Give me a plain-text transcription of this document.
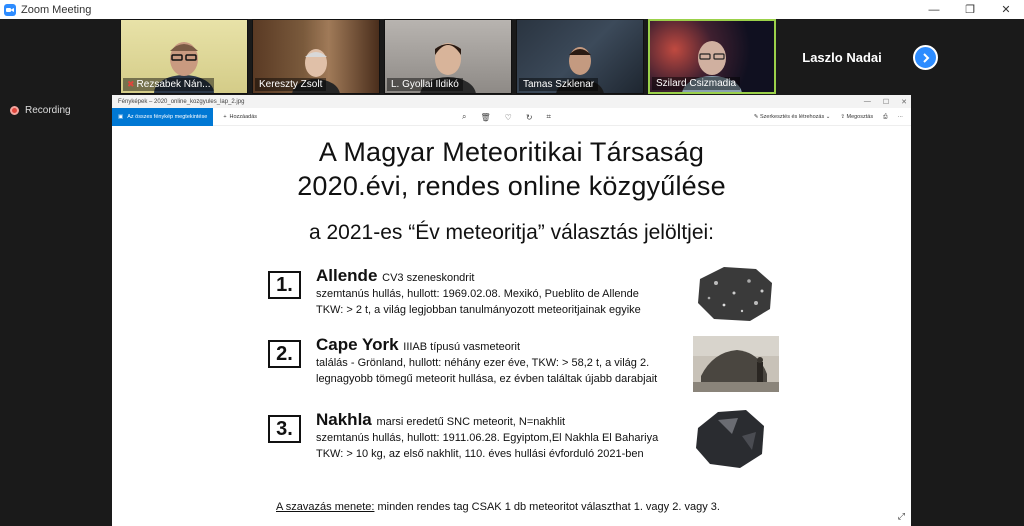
Zoom Meeting	—	❐	✕
✖ Rezsabek Nán...	Kereszty Zsolt	L. Gyollai Ildikó	Tamas Szklenar	Szilard Csizmadia
Laszlo Nadai
Recording
Fényképek – 2020_online_kozgyules_lap_2.jpg	— ☐ ✕
▣ Az összes fénykép megtekintése	+ Hozzáadás	⌕ 🗑 ♡ ↻ ⌗	✎ Szerkesztés és létrehozás ⌄ ⇪ Megosztás ⎙ ···
A Magyar Meteoritikai Társaság
2020.évi, rendes online közgyűlése
a 2021-es “Év meteoritja” választás jelöltjei:
1.	Allende CV3 szeneskondrit
szemtanús hullás, hullott: 1969.02.08. Mexikó, Pueblito de Allende
TKW: > 2 t, a világ legjobban tanulmányozott meteoritjainak egyike
2.	Cape York IIIAB típusú vasmeteorit
találás - Grönland, hullott: néhány ezer éve, TKW: > 58,2 t, a világ 2.
legnagyobb tömegű meteorit hullása, ez évben találtak újabb darabjait
3.	Nakhla marsi eredetű SNC meteorit, N=nakhlit
szemtanús hullás, hullott: 1911.06.28. Egyiptom,El Nakhla El Bahariya
TKW: > 10 kg, az első nakhlit, 110. éves hullási évforduló 2021-ben
A szavazás menete: minden rendes tag CSAK 1 db meteoritot választhat 1. vagy 2. vagy 3.
⤢
